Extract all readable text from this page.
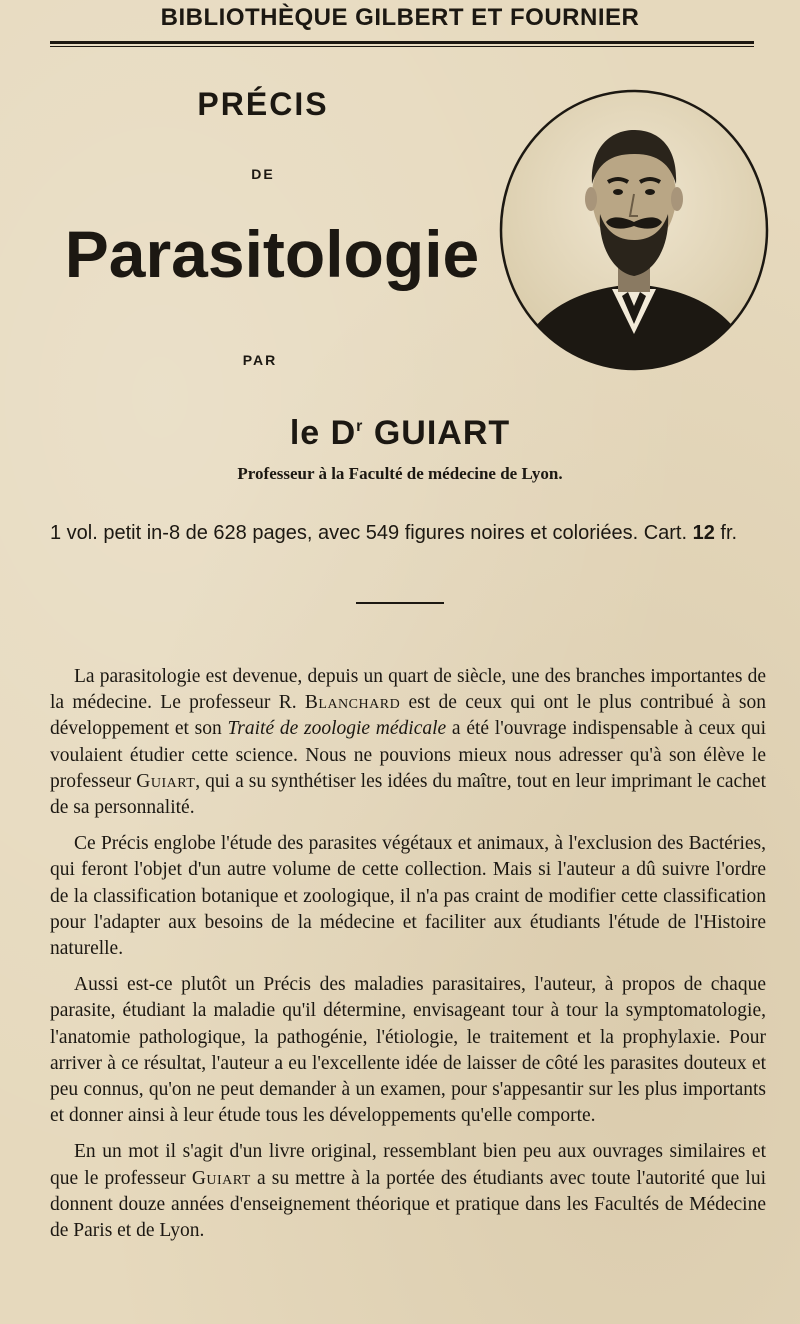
BIBLIOTHÈQUE GILBERT ET FOURNIER
PRÉCIS
DE
Parasitologie
PAR
le $D^r$ GUIART
Professeur à la Faculté de médecine de Lyon.
1 vol. petit in-8 de 628 pages, avec 549 figures noires et coloriées. Cart. 12 fr.

La parasitologie est devenue, depuis un quart de siècle, une des branches importantes de la médecine. Le professeur R. Blanchard est de ceux qui ont le plus contribué à son développement et son Traité de zoologie médicale a été l'ouvrage indispensable à ceux qui voulaient étudier cette science. Nous ne pouvions mieux nous adresser qu'à son élève le professeur Guiart, qui a su synthétiser les idées du maître, tout en leur imprimant le cachet de sa personnalité.

Ce Précis englobe l'étude des parasites végétaux et animaux, à l'exclusion des Bactéries, qui feront l'objet d'un autre volume de cette collection. Mais si l'auteur a dû suivre l'ordre de la classification botanique et zoologique, il n'a pas craint de modifier cette classification pour l'adapter aux besoins de la médecine et faciliter aux étudiants l'étude de l'Histoire naturelle.

Aussi est-ce plutôt un Précis des maladies parasitaires, l'auteur, à propos de chaque parasite, étudiant la maladie qu'il détermine, envisageant tour à tour la symptomatologie, l'anatomie pathologique, la pathogénie, l'étiologie, le traitement et la prophylaxie. Pour arriver à ce résultat, l'auteur a eu l'excellente idée de laisser de côté les parasites douteux et peu connus, qu'on ne peut demander à un examen, pour s'appesantir sur les plus importants et donner ainsi à leur étude tous les développements qu'elle comporte.

En un mot il s'agit d'un livre original, ressemblant bien peu aux ouvrages similaires et que le professeur Guiart a su mettre à la portée des étudiants avec toute l'autorité que lui donnent douze années d'enseignement théorique et pratique dans les Facultés de Médecine de Paris et de Lyon.
